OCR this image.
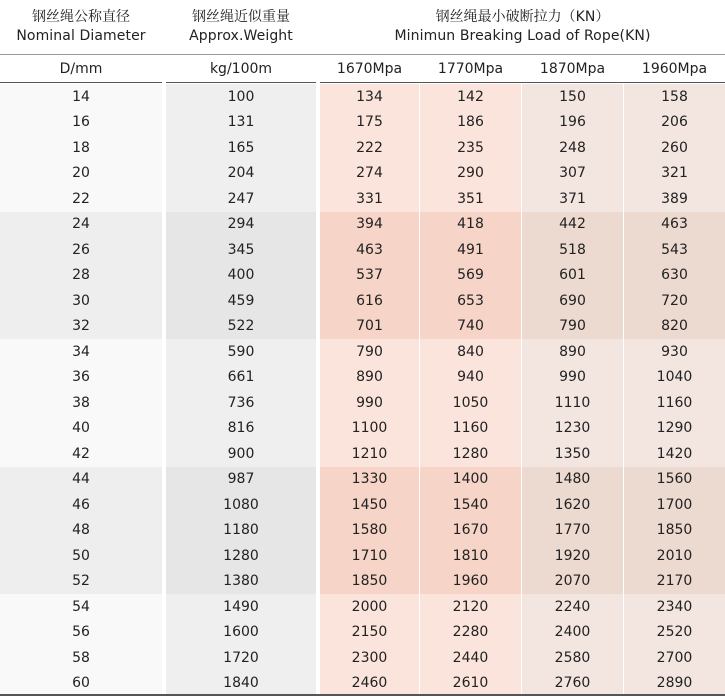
钢丝绳公称直径
Nominal Diameter
钢丝绳近似重量
Approx.Weight
钢丝绳最小破断拉力（KN）
Minimun Breaking Load of Rope(KN)
D/mm	kg/100m	1670Mpa	1770Mpa	1870Mpa	1960Mpa
14	100	134	142	150	158
16	131	175	186	196	206
18	165	222	235	248	260
20	204	274	290	307	321
22	247	331	351	371	389
24	294	394	418	442	463
26	345	463	491	518	543
28	400	537	569	601	630
30	459	616	653	690	720
32	522	701	740	790	820
34	590	790	840	890	930
36	661	890	940	990	1040
38	736	990	1050	1110	1160
40	816	1100	1160	1230	1290
42	900	1210	1280	1350	1420
44	987	1330	1400	1480	1560
46	1080	1450	1540	1620	1700
48	1180	1580	1670	1770	1850
50	1280	1710	1810	1920	2010
52	1380	1850	1960	2070	2170
54	1490	2000	2120	2240	2340
56	1600	2150	2280	2400	2520
58	1720	2300	2440	2580	2700
60	1840	2460	2610	2760	2890
